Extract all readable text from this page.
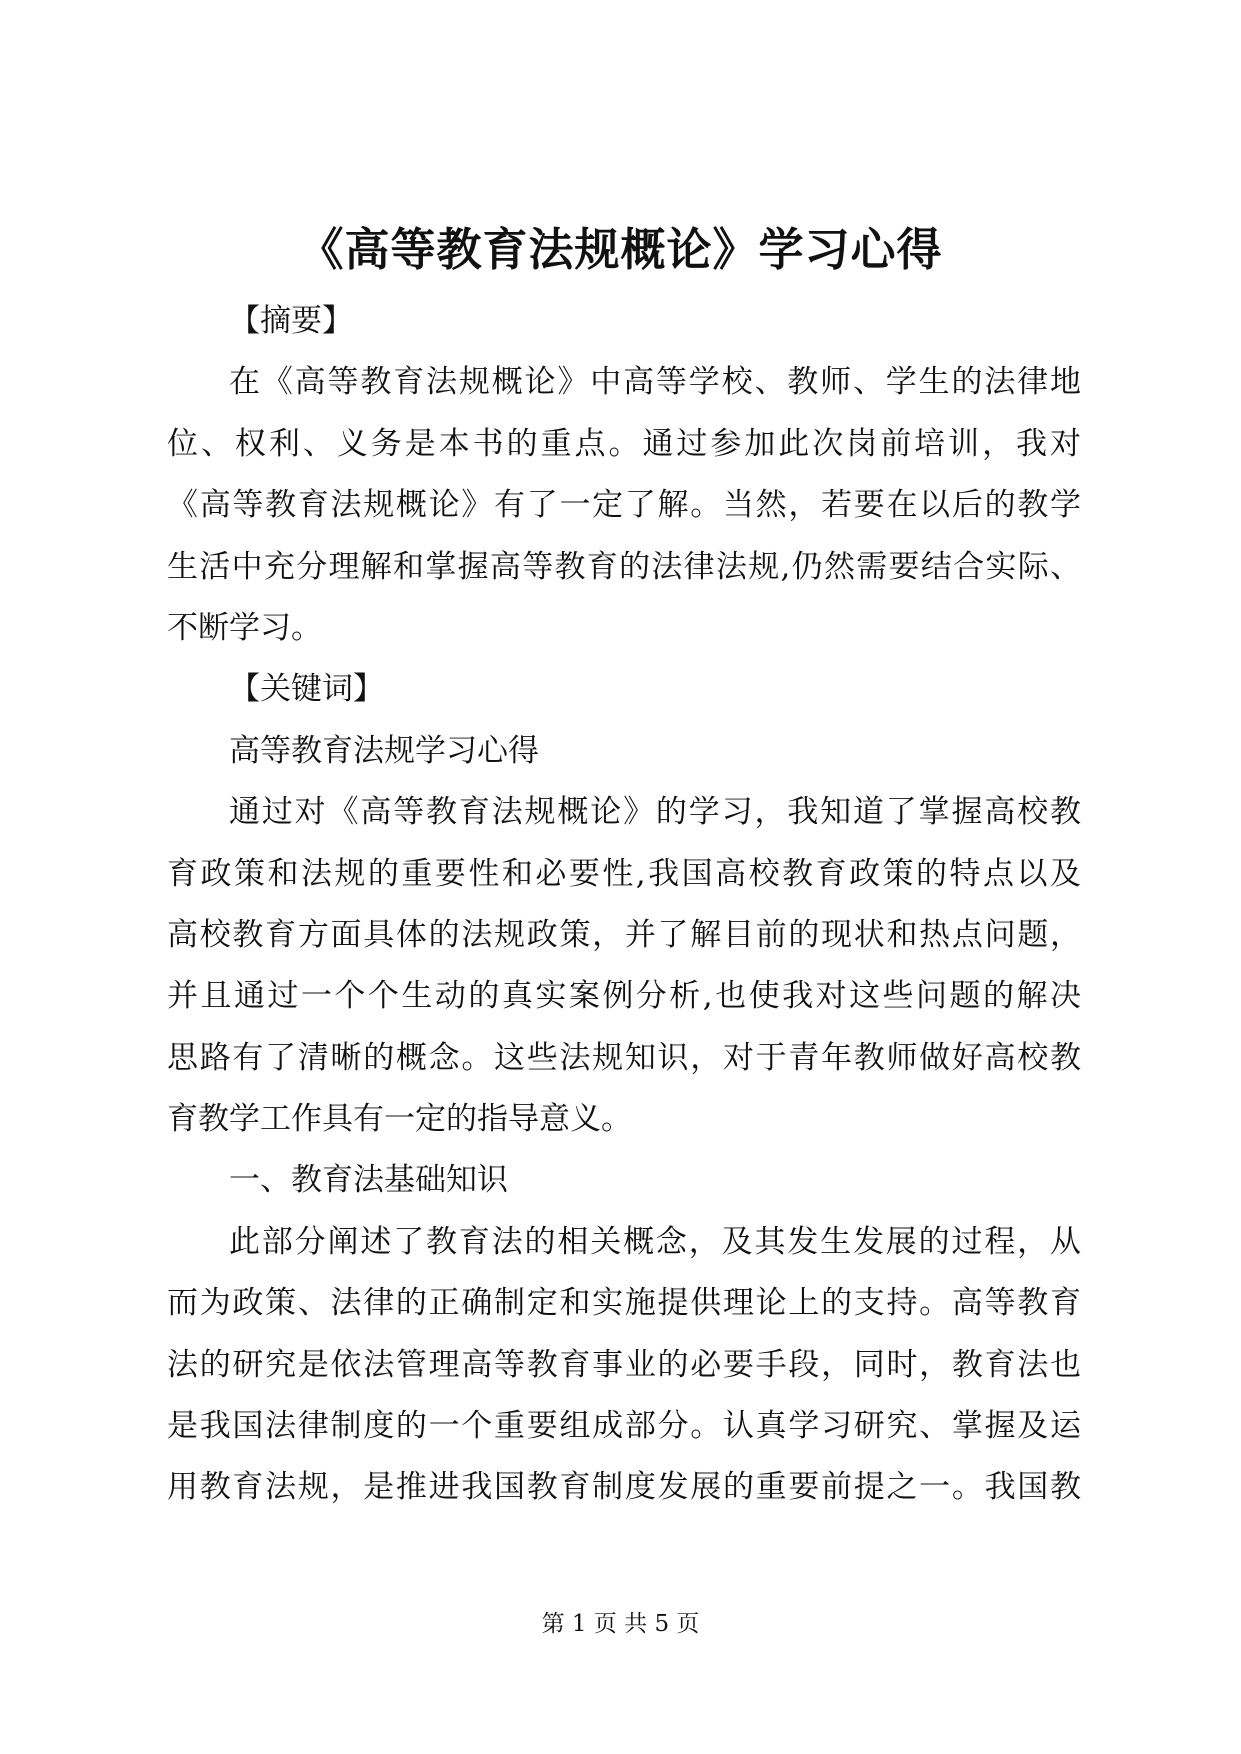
《高等教育法规概论》学习心得
【摘要】
在《高等教育法规概论》中高等学校、教师、学生的法律地
位、权利、义务是本书的重点。通过参加此次岗前培训，我对
《高等教育法规概论》有了一定了解。当然，若要在以后的教学
生活中充分理解和掌握高等教育的法律法规,仍然需要结合实际、
不断学习。
【关键词】
高等教育法规学习心得
通过对《高等教育法规概论》的学习，我知道了掌握高校教
育政策和法规的重要性和必要性,我国高校教育政策的特点以及
高校教育方面具体的法规政策，并了解目前的现状和热点问题，
并且通过一个个生动的真实案例分析,也使我对这些问题的解决
思路有了清晰的概念。这些法规知识，对于青年教师做好高校教
育教学工作具有一定的指导意义。
一、教育法基础知识
此部分阐述了教育法的相关概念，及其发生发展的过程，从
而为政策、法律的正确制定和实施提供理论上的支持。高等教育
法的研究是依法管理高等教育事业的必要手段，同时，教育法也
是我国法律制度的一个重要组成部分。认真学习研究、掌握及运
用教育法规，是推进我国教育制度发展的重要前提之一。我国教
第 1 页 共 5 页
